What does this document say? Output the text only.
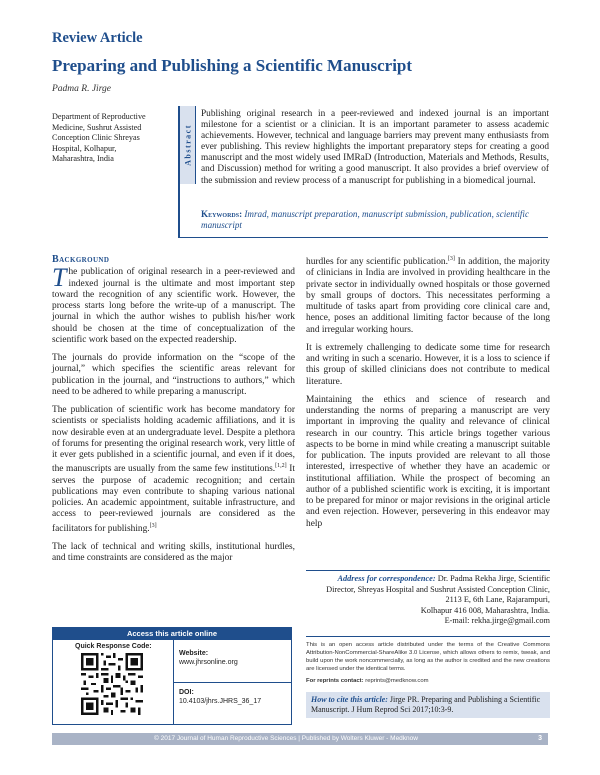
Review Article
Preparing and Publishing a Scientific Manuscript
Padma R. Jirge
Department of Reproductive
Medicine, Sushrut Assisted
Conception Clinic Shreyas
Hospital, Kolhapur,
Maharashtra, India	Abstract
Publishing original research in a peer-reviewed and indexed journal is an important milestone for a scientist or a clinician. It is an important parameter to assess academic achievements. However, technical and language barriers may prevent many enthusiasts from ever publishing. This review highlights the important preparatory steps for creating a good manuscript and the most widely used IMRaD (Introduction, Materials and Methods, Results, and Discussion) method for writing a good manuscript. It also provides a brief overview of the submission and review process of a manuscript for publishing in a biomedical journal.
Keywords: Imrad, manuscript preparation, manuscript submission, publication, scientific manuscript
Background

The publication of original research in a peer-reviewed and indexed journal is the ultimate and most important step toward the recognition of any scientific work. However, the process starts long before the write-up of a manuscript. The journal in which the author wishes to publish his/her work should be chosen at the time of conceptualization of the scientific work based on the expected readership.

The journals do provide information on the “scope of the journal,” which specifies the scientific areas relevant for publication in the journal, and “instructions to authors,” which need to be adhered to while preparing a manuscript.

The publication of scientific work has become mandatory for scientists or specialists holding academic affiliations, and it is now desirable even at an undergraduate level. Despite a plethora of forums for presenting the original research work, very little of it ever gets published in a scientific journal, and even if it does, the manuscripts are usually from the same few institutions.[1,2] It serves the purpose of academic recognition; and certain publications may even contribute to shaping various national policies. An academic appointment, suitable infrastructure, and access to peer-reviewed journals are considered as the facilitators for publishing.[3]

The lack of technical and writing skills, institutional hurdles, and time constraints are considered as the major

hurdles for any scientific publication.[3] In addition, the majority of clinicians in India are involved in providing healthcare in the private sector in individually owned hospitals or those governed by small groups of doctors. This necessitates performing a multitude of tasks apart from providing core clinical care and, hence, poses an additional limiting factor because of the long and irregular working hours.

It is extremely challenging to dedicate some time for research and writing in such a scenario. However, it is a loss to science if this group of skilled clinicians does not contribute to medical literature.

Maintaining the ethics and science of research and understanding the norms of preparing a manuscript are very important in improving the quality and relevance of clinical research in our country. This article brings together various aspects to be borne in mind while creating a manuscript suitable for publication. The inputs provided are relevant to all those interested, irrespective of whether they have an academic or institutional affiliation. While the prospect of becoming an author of a published scientific work is exciting, it is important to be prepared for minor or major revisions in the original article and even rejection. However, persevering in this endeavor may help

Address for correspondence: Dr. Padma Rekha Jirge, Scientific
Director, Shreyas Hospital and Sushrut Assisted Conception Clinic,
2113 E, 6th Lane, Rajarampuri,
Kolhapur 416 008, Maharashtra, India.
E-mail: rekha.jirge@gmail.com
Access this article online
Quick Response Code:
Website:
www.jhrsonline.org
DOI:
10.4103/jhrs.JHRS_36_17
This is an open access article distributed under the terms of the Creative Commons Attribution-NonCommercial-ShareAlike 3.0 License, which allows others to remix, tweak, and build upon the work noncommercially, as long as the author is credited and the new creations are licensed under the identical terms.
For reprints contact: reprints@medknow.com
How to cite this article: Jirge PR. Preparing and Publishing a Scientific Manuscript. J Hum Reprod Sci 2017;10:3-9.
© 2017 Journal of Human Reproductive Sciences | Published by Wolters Kluwer - Medknow	3
